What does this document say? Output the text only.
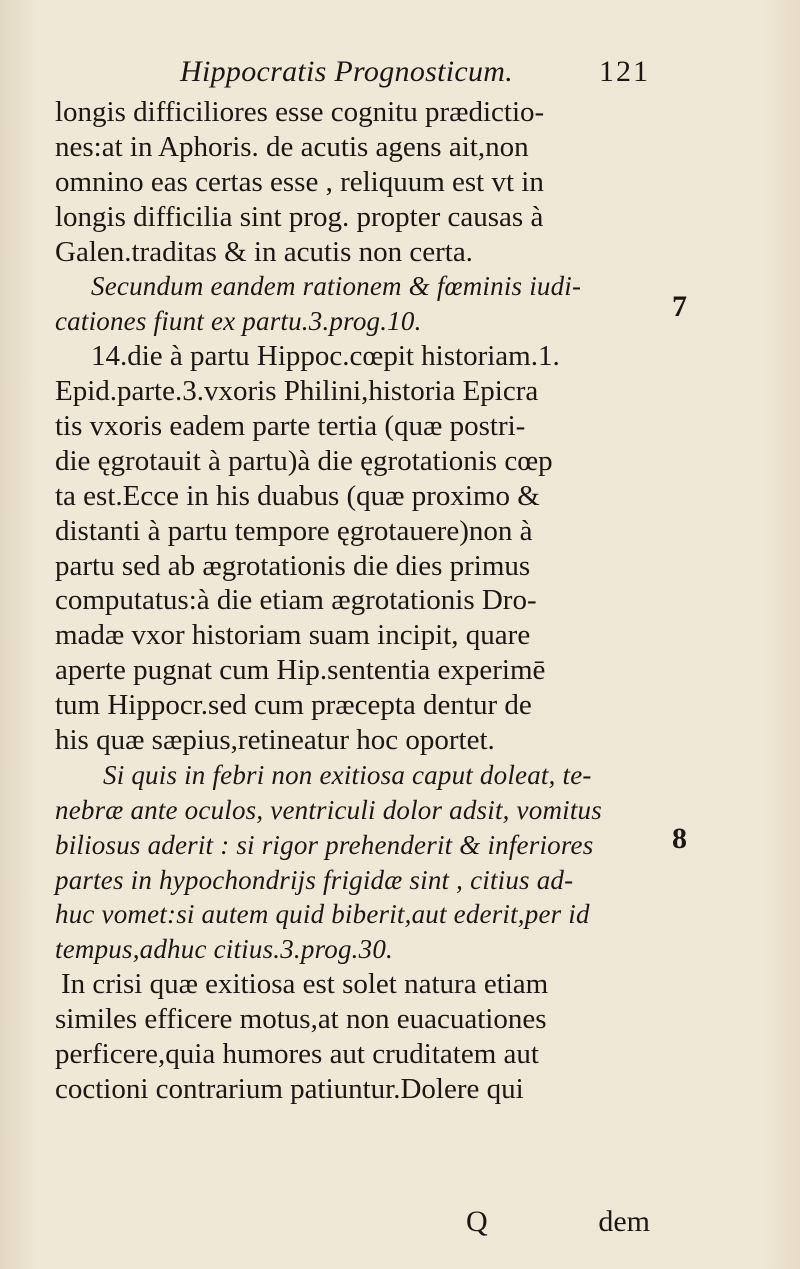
Hippocratis Prognosticum.	121
longis difficiliores esse cognitu prædictio-
nes:at in Aphoris. de acutis agens ait,non
omnino eas certas esse , reliquum est vt in
longis difficilia sint prog. propter causas à
Galen.traditas & in acutis non certa.
Secundum eandem rationem & fœminis iudi-
cationes fiunt ex partu.3.prog.10.
14.die à partu Hippoc.cœpit historiam.1.
Epid.parte.3.vxoris Philini,historia Epicra
tis vxoris eadem parte tertia (quæ postri-
die ęgrotauit à partu)à die ęgrotationis cœp
ta est.Ecce in his duabus (quæ proximo &
distanti à partu tempore ęgrotauere)non à
partu sed ab ægrotationis die dies primus
computatus:à die etiam ægrotationis Dro-
madæ vxor historiam suam incipit, quare
aperte pugnat cum Hip.sententia experimē
tum Hippocr.sed cum præcepta dentur de
his quæ sæpius,retineatur hoc oportet.
Si quis in febri non exitiosa caput doleat, te-
nebræ ante oculos, ventriculi dolor adsit, vomitus
biliosus aderit : si rigor prehenderit & inferiores
partes in hypochondrijs frigidæ sint , citius ad-
huc vomet:si autem quid biberit,aut ederit,per id
tempus,adhuc citius.3.prog.30.
In crisi quæ exitiosa est solet natura etiam
similes efficere motus,at non euacuationes
perficere,quia humores aut cruditatem aut
coctioni contrarium patiuntur.Dolere qui
7
8
Q	dem
